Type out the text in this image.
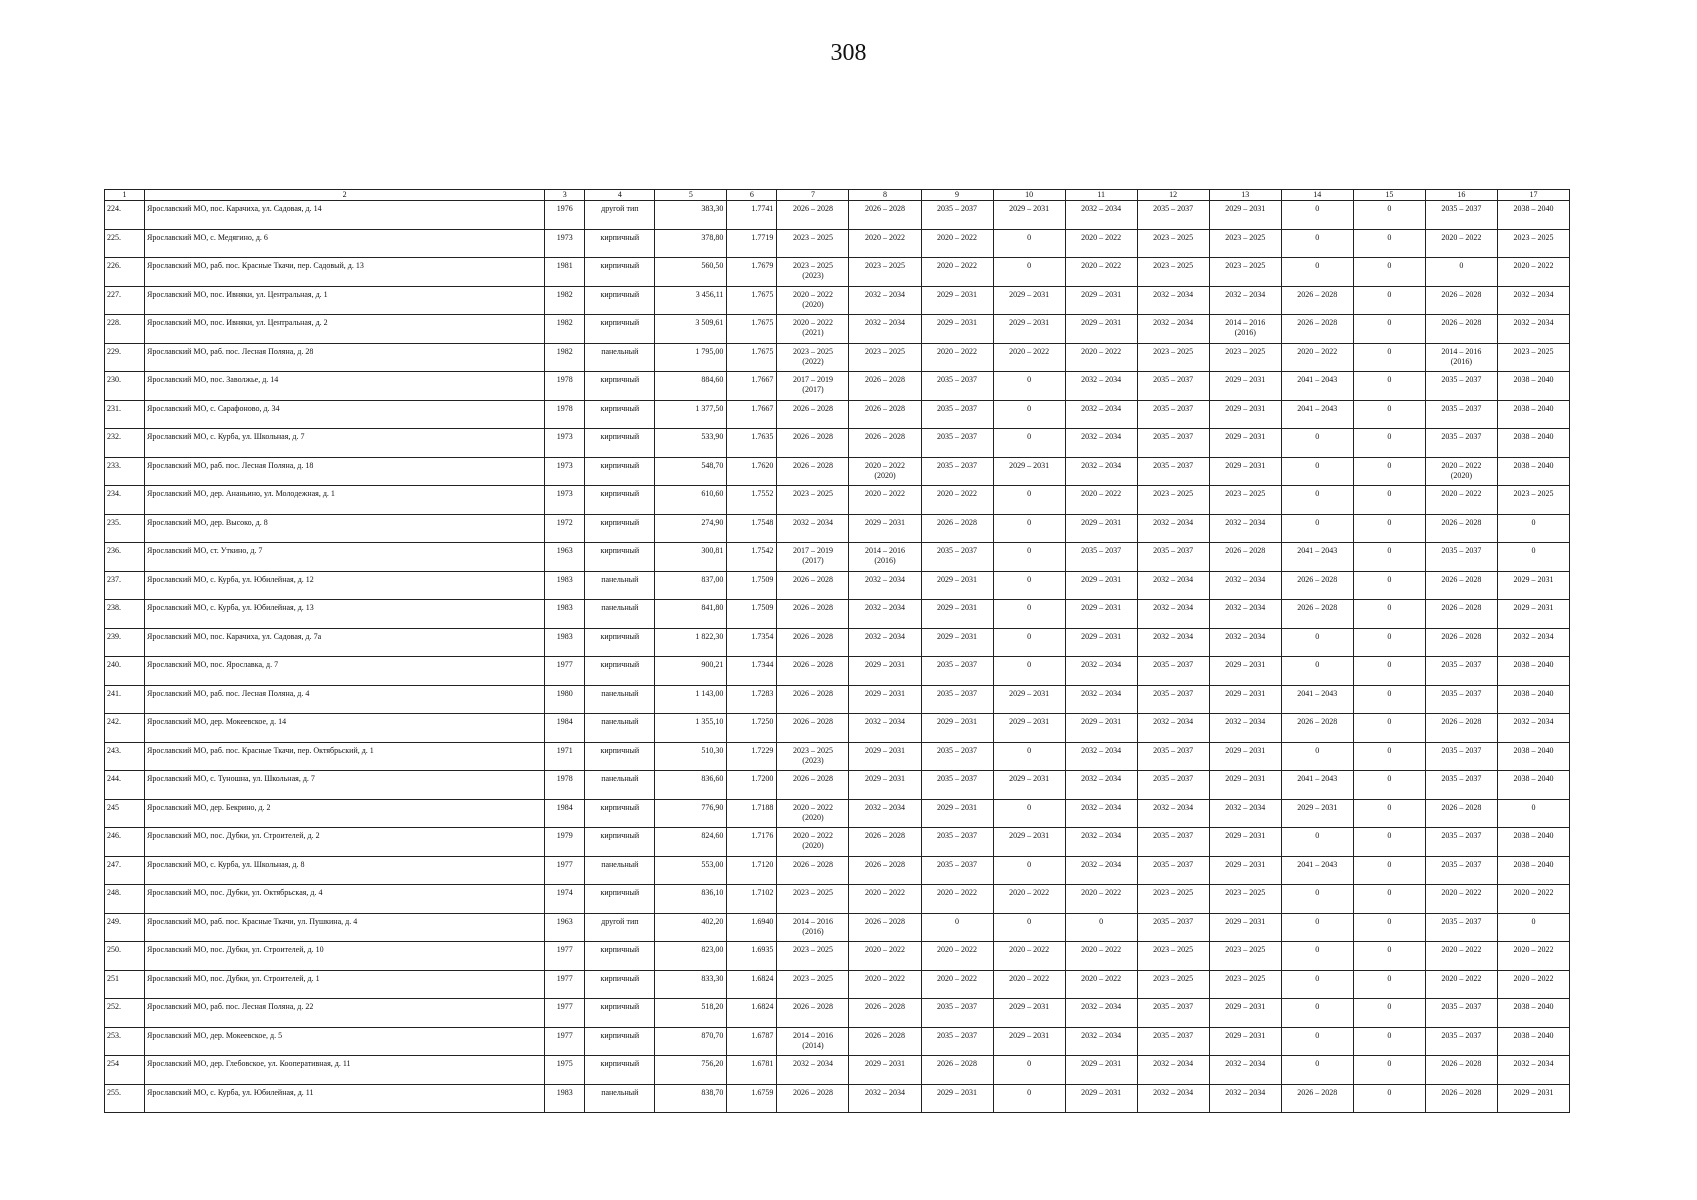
308
1	2	3	4	5	6	7	8	9	10	11	12	13	14	15	16	17

224.	Ярославский МО, пос. Карачиха, ул. Садовая, д. 14	1976	другой тип	383,30	1.7741	2026 – 2028	2026 – 2028	2035 – 2037	2029 – 2031	2032 – 2034	2035 – 2037	2029 – 2031	0	0	2035 – 2037	2038 – 2040

225.	Ярославский МО, с. Медягино, д. 6	1973	кирпичный	378,80	1.7719	2023 – 2025	2020 – 2022	2020 – 2022	0	2020 – 2022	2023 – 2025	2023 – 2025	0	0	2020 – 2022	2023 – 2025

226.	Ярославский МО, раб. пос. Красные Ткачи, пер. Садовый, д. 13	1981	кирпичный	560,50	1.7679	2023 – 2025
(2023)	2023 – 2025	2020 – 2022	0	2020 – 2022	2023 – 2025	2023 – 2025	0	0	0	2020 – 2022

227.	Ярославский МО, пос. Ивняки, ул. Центральная, д. 1	1982	кирпичный	3 456,11	1.7675	2020 – 2022
(2020)	2032 – 2034	2029 – 2031	2029 – 2031	2029 – 2031	2032 – 2034	2032 – 2034	2026 – 2028	0	2026 – 2028	2032 – 2034

228.	Ярославский МО, пос. Ивняки, ул. Центральная, д. 2	1982	кирпичный	3 509,61	1.7675	2020 – 2022
(2021)	2032 – 2034	2029 – 2031	2029 – 2031	2029 – 2031	2032 – 2034	2014 – 2016
(2016)	2026 – 2028	0	2026 – 2028	2032 – 2034

229.	Ярославский МО, раб. пос. Лесная Поляна, д. 28	1982	панельный	1 795,00	1.7675	2023 – 2025
(2022)	2023 – 2025	2020 – 2022	2020 – 2022	2020 – 2022	2023 – 2025	2023 – 2025	2020 – 2022	0	2014 – 2016
(2016)	2023 – 2025

230.	Ярославский МО, пос. Заволжье, д. 14	1978	кирпичный	884,60	1.7667	2017 – 2019
(2017)	2026 – 2028	2035 – 2037	0	2032 – 2034	2035 – 2037	2029 – 2031	2041 – 2043	0	2035 – 2037	2038 – 2040

231.	Ярославский МО, с. Сарафоново, д. 34	1978	кирпичный	1 377,50	1.7667	2026 – 2028	2026 – 2028	2035 – 2037	0	2032 – 2034	2035 – 2037	2029 – 2031	2041 – 2043	0	2035 – 2037	2038 – 2040

232.	Ярославский МО, с. Курба, ул. Школьная, д. 7	1973	кирпичный	533,90	1.7635	2026 – 2028	2026 – 2028	2035 – 2037	0	2032 – 2034	2035 – 2037	2029 – 2031	0	0	2035 – 2037	2038 – 2040

233.	Ярославский МО, раб. пос. Лесная Поляна, д. 18	1973	кирпичный	548,70	1.7620	2026 – 2028	2020 – 2022
(2020)	2035 – 2037	2029 – 2031	2032 – 2034	2035 – 2037	2029 – 2031	0	0	2020 – 2022
(2020)	2038 – 2040

234.	Ярославский МО, дер. Ананьино, ул. Молодежная, д. 1	1973	кирпичный	610,60	1.7552	2023 – 2025	2020 – 2022	2020 – 2022	0	2020 – 2022	2023 – 2025	2023 – 2025	0	0	2020 – 2022	2023 – 2025

235.	Ярославский МО, дер. Высоко, д. 8	1972	кирпичный	274,90	1.7548	2032 – 2034	2029 – 2031	2026 – 2028	0	2029 – 2031	2032 – 2034	2032 – 2034	0	0	2026 – 2028	0

236.	Ярославский МО, ст. Уткино, д. 7	1963	кирпичный	300,81	1.7542	2017 – 2019
(2017)	2014 – 2016
(2016)	2035 – 2037	0	2035 – 2037	2035 – 2037	2026 – 2028	2041 – 2043	0	2035 – 2037	0

237.	Ярославский МО, с. Курба, ул. Юбилейная, д. 12	1983	панельный	837,00	1.7509	2026 – 2028	2032 – 2034	2029 – 2031	0	2029 – 2031	2032 – 2034	2032 – 2034	2026 – 2028	0	2026 – 2028	2029 – 2031

238.	Ярославский МО, с. Курба, ул. Юбилейная, д. 13	1983	панельный	841,80	1.7509	2026 – 2028	2032 – 2034	2029 – 2031	0	2029 – 2031	2032 – 2034	2032 – 2034	2026 – 2028	0	2026 – 2028	2029 – 2031

239.	Ярославский МО, пос. Карачиха, ул. Садовая, д. 7а	1983	кирпичный	1 822,30	1.7354	2026 – 2028	2032 – 2034	2029 – 2031	0	2029 – 2031	2032 – 2034	2032 – 2034	0	0	2026 – 2028	2032 – 2034

240.	Ярославский МО, пос. Ярославка, д. 7	1977	кирпичный	900,21	1.7344	2026 – 2028	2029 – 2031	2035 – 2037	0	2032 – 2034	2035 – 2037	2029 – 2031	0	0	2035 – 2037	2038 – 2040

241.	Ярославский МО, раб. пос. Лесная Поляна, д. 4	1980	панельный	1 143,00	1.7283	2026 – 2028	2029 – 2031	2035 – 2037	2029 – 2031	2032 – 2034	2035 – 2037	2029 – 2031	2041 – 2043	0	2035 – 2037	2038 – 2040

242.	Ярославский МО, дер. Мокеевское, д. 14	1984	панельный	1 355,10	1.7250	2026 – 2028	2032 – 2034	2029 – 2031	2029 – 2031	2029 – 2031	2032 – 2034	2032 – 2034	2026 – 2028	0	2026 – 2028	2032 – 2034

243.	Ярославский МО, раб. пос. Красные Ткачи, пер. Октябрьский, д. 1	1971	кирпичный	510,30	1.7229	2023 – 2025
(2023)	2029 – 2031	2035 – 2037	0	2032 – 2034	2035 – 2037	2029 – 2031	0	0	2035 – 2037	2038 – 2040

244.	Ярославский МО, с. Туношна, ул. Школьная, д. 7	1978	панельный	836,60	1.7200	2026 – 2028	2029 – 2031	2035 – 2037	2029 – 2031	2032 – 2034	2035 – 2037	2029 – 2031	2041 – 2043	0	2035 – 2037	2038 – 2040

245	Ярославский МО, дер. Бекрино, д. 2	1984	кирпичный	776,90	1.7188	2020 – 2022
(2020)	2032 – 2034	2029 – 2031	0	2032 – 2034	2032 – 2034	2032 – 2034	2029 – 2031	0	2026 – 2028	0

246.	Ярославский МО, пос. Дубки, ул. Строителей, д. 2	1979	кирпичный	824,60	1.7176	2020 – 2022
(2020)	2026 – 2028	2035 – 2037	2029 – 2031	2032 – 2034	2035 – 2037	2029 – 2031	0	0	2035 – 2037	2038 – 2040

247.	Ярославский МО, с. Курба, ул. Школьная, д. 8	1977	панельный	553,00	1.7120	2026 – 2028	2026 – 2028	2035 – 2037	0	2032 – 2034	2035 – 2037	2029 – 2031	2041 – 2043	0	2035 – 2037	2038 – 2040

248.	Ярославский МО, пос. Дубки, ул. Октябрьская, д. 4	1974	кирпичный	836,10	1.7102	2023 – 2025	2020 – 2022	2020 – 2022	2020 – 2022	2020 – 2022	2023 – 2025	2023 – 2025	0	0	2020 – 2022	2020 – 2022

249.	Ярославский МО, раб. пос. Красные Ткачи, ул. Пушкина, д. 4	1963	другой тип	402,20	1.6940	2014 – 2016
(2016)	2026 – 2028	0	0	0	2035 – 2037	2029 – 2031	0	0	2035 – 2037	0

250.	Ярославский МО, пос. Дубки, ул. Строителей, д. 10	1977	кирпичный	823,00	1.6935	2023 – 2025	2020 – 2022	2020 – 2022	2020 – 2022	2020 – 2022	2023 – 2025	2023 – 2025	0	0	2020 – 2022	2020 – 2022

251	Ярославский МО, пос. Дубки, ул. Строителей, д. 1	1977	кирпичный	833,30	1.6824	2023 – 2025	2020 – 2022	2020 – 2022	2020 – 2022	2020 – 2022	2023 – 2025	2023 – 2025	0	0	2020 – 2022	2020 – 2022

252.	Ярославский МО, раб. пос. Лесная Поляна, д. 22	1977	кирпичный	518,20	1.6824	2026 – 2028	2026 – 2028	2035 – 2037	2029 – 2031	2032 – 2034	2035 – 2037	2029 – 2031	0	0	2035 – 2037	2038 – 2040

253.	Ярославский МО, дер. Мокеевское, д. 5	1977	кирпичный	870,70	1.6787	2014 – 2016
(2014)	2026 – 2028	2035 – 2037	2029 – 2031	2032 – 2034	2035 – 2037	2029 – 2031	0	0	2035 – 2037	2038 – 2040

254	Ярославский МО, дер. Глебовское, ул. Кооперативная, д. 11	1975	кирпичный	756,20	1.6781	2032 – 2034	2029 – 2031	2026 – 2028	0	2029 – 2031	2032 – 2034	2032 – 2034	0	0	2026 – 2028	2032 – 2034

255.	Ярославский МО, с. Курба, ул. Юбилейная, д. 11	1983	панельный	838,70	1.6759	2026 – 2028	2032 – 2034	2029 – 2031	0	2029 – 2031	2032 – 2034	2032 – 2034	2026 – 2028	0	2026 – 2028	2029 – 2031
